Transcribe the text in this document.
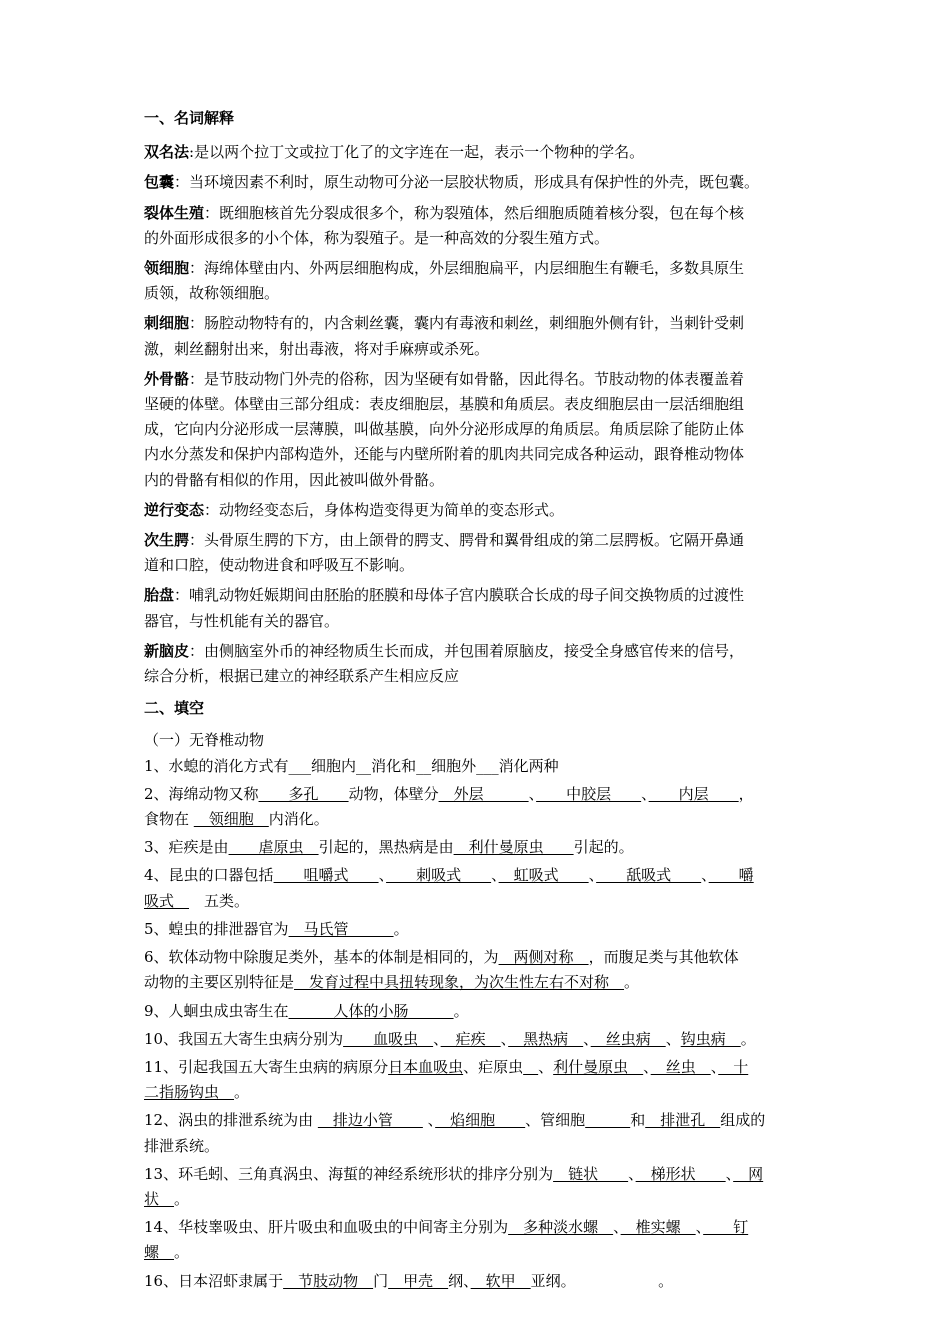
一、名词解释
双名法:是以两个拉丁文或拉丁化了的文字连在一起，表示一个物种的学名。
包囊：当环境因素不利时，原生动物可分泌一层胶状物质，形成具有保护性的外壳，既包囊。
裂体生殖：既细胞核首先分裂成很多个，称为裂殖体，然后细胞质随着核分裂，包在每个核
的外面形成很多的小个体，称为裂殖子。是一种高效的分裂生殖方式。
领细胞：海绵体壁由内、外两层细胞构成，外层细胞扁平，内层细胞生有鞭毛，多数具原生
质领，故称领细胞。
刺细胞：肠腔动物特有的，内含刺丝囊，囊内有毒液和刺丝，刺细胞外侧有针，当刺针受刺
激，刺丝翻射出来，射出毒液，将对手麻痹或杀死。
外骨骼：是节肢动物门外壳的俗称，因为坚硬有如骨骼，因此得名。节肢动物的体表覆盖着
坚硬的体壁。体壁由三部分组成：表皮细胞层，基膜和角质层。表皮细胞层由一层活细胞组
成，它向内分泌形成一层薄膜，叫做基膜，向外分泌形成厚的角质层。角质层除了能防止体
内水分蒸发和保护内部构造外，还能与内壁所附着的肌肉共同完成各种运动，跟脊椎动物体
内的骨骼有相似的作用，因此被叫做外骨骼。
逆行变态：动物经变态后，身体构造变得更为简单的变态形式。
次生腭：头骨原生腭的下方，由上颌骨的腭支、腭骨和翼骨组成的第二层腭板。它隔开鼻通
道和口腔，使动物进食和呼吸互不影响。
胎盘：哺乳动物妊娠期间由胚胎的胚膜和母体子宫内膜联合长成的母子间交换物质的过渡性
器官，与性机能有关的器官。
新脑皮：由侧脑室外币的神经物质生长而成，并包围着原脑皮，接受全身感官传来的信号，
综合分析，根据已建立的神经联系产生相应反应
二、填空
（一）无脊椎动物
1、水螅的消化方式有___细胞内__消化和__细胞外___消化两种
2、海绵动物又称　　多孔　　动物，体壁分　外层　　　、　　中胶层　　、　　内层　　，
食物在 　领细胞　内消化。
3、疟疾是由　　虐原虫　引起的，黑热病是由　利什曼原虫　　引起的。
4、昆虫的口器包括　　咀嚼式　　、　　刺吸式　　、　虹吸式　　、　　舐吸式　　、　　嚼
吸式　　五类。
5、蝗虫的排泄器官为　马氏管　　　。
6、软体动物中除腹足类外，基本的体制是相同的，为　两侧对称　，而腹足类与其他软体
动物的主要区别特征是　发育过程中具扭转现象，为次生性左右不对称　。
9、人蛔虫成虫寄生在　　　人体的小肠　　　。
10、我国五大寄生虫病分别为　　血吸虫　、　疟疾　、　黑热病　、　丝虫病　、钩虫病　。
11、引起我国五大寄生虫病的病原分日本血吸虫、疟原虫　 、利什曼原虫　、　丝虫　、　十
二指肠钩虫　。
12、涡虫的排泄系统为由 　排边小管　　 、　焰细胞　　、管细胞　　　	和　排泄孔　组成的
排泄系统。
13、环毛蚓、三角真涡虫、海蜇的神经系统形状的排序分别为　链状　　、　梯形状　　、　网
状　。
14、华枝睾吸虫、肝片吸虫和血吸虫的中间寄主分别为　多种淡水螺　、　椎实螺　、　　钉
螺　。
16、日本沼虾隶属于　节肢动物　门　甲壳　纲、　软甲　亚纲。　　　　　　。
